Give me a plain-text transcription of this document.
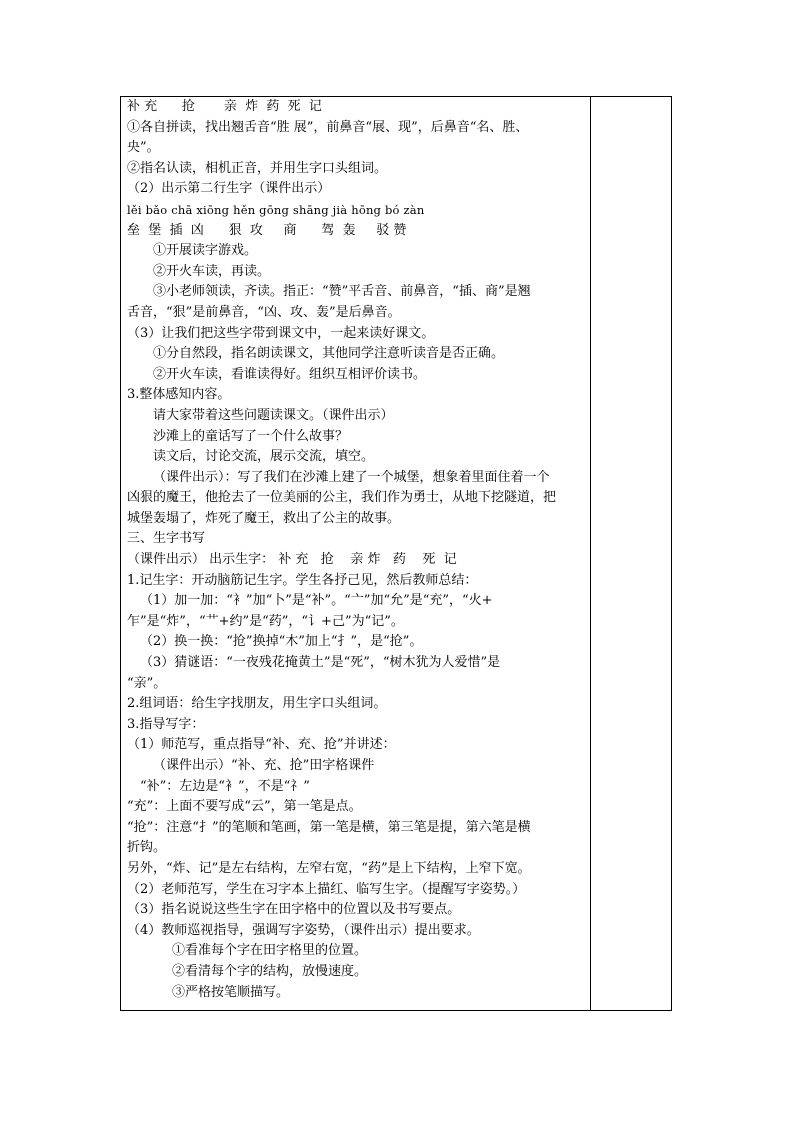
补 充      抢       亲  炸  药  死  记
①各自拼读，找出翘舌音“胜 展”，前鼻音“展、现”，后鼻音“名、胜、
央”。
②指名认读，相机正音，并用生字口头组词。
（2）出示第二行生字（课件出示）
lěi bǎo chā xiōng hěn gōng shāng jià hōng bó zàn
垒  堡  插  凶      狠  攻     商      驾  轰     驳 赞
①开展读字游戏。
②开火车读，再读。
③小老师领读，齐读。指正：“赞”平舌音、前鼻音，“插、商”是翘
舌音，“狠”是前鼻音，“凶、攻、轰”是后鼻音。
（3）让我们把这些字带到课文中，一起来读好课文。
①分自然段，指名朗读课文，其他同学注意听读音是否正确。
②开火车读，看谁读得好。组织互相评价读书。
3.整体感知内容。
请大家带着这些问题读课文。（课件出示）
沙滩上的童话写了一个什么故事？
读文后，讨论交流，展示交流，填空。
（课件出示）：写了我们在沙滩上建了一个城堡，想象着里面住着一个
凶狠的魔王，他抢去了一位美丽的公主，我们作为勇士，从地下挖隧道，把
城堡轰塌了，炸死了魔王，救出了公主的故事。
三、生字书写
（课件出示） 出示生字： 补 充   抢    亲 炸   药    死  记
1.记生字：开动脑筋记生字。学生各抒己见，然后教师总结：
（1）加一加：“衤”加“卜”是“补”。“亠”加“允”是“充”，“火+
乍”是“炸”，“艹+约”是“药”，“讠+己”为“记”。
（2）换一换：“抢”换掉“木”加上“扌”，是“抢”。
（3）猜谜语：“一夜残花掩黄土”是“死”，“树木犹为人爱惜”是
“亲”。
2.组词语：给生字找朋友，用生字口头组词。
3.指导写字：
（1）师范写，重点指导“补、充、抢”并讲述：
（课件出示）“补、充、抢”田字格课件
“补”：左边是“衤”，不是“礻”
“充”：上面不要写成“云”，第一笔是点。
“抢”：注意“扌”的笔顺和笔画，第一笔是横，第三笔是提，第六笔是横
折钩。
另外，“炸、记”是左右结构，左窄右宽，“药”是上下结构，上窄下宽。
（2）老师范写，学生在习字本上描红、临写生字。（提醒写字姿势。）
（3）指名说说这些生字在田字格中的位置以及书写要点。
（4）教师巡视指导，强调写字姿势，（课件出示）提出要求。
①看准每个字在田字格里的位置。
②看清每个字的结构，放慢速度。
③严格按笔顺描写。
